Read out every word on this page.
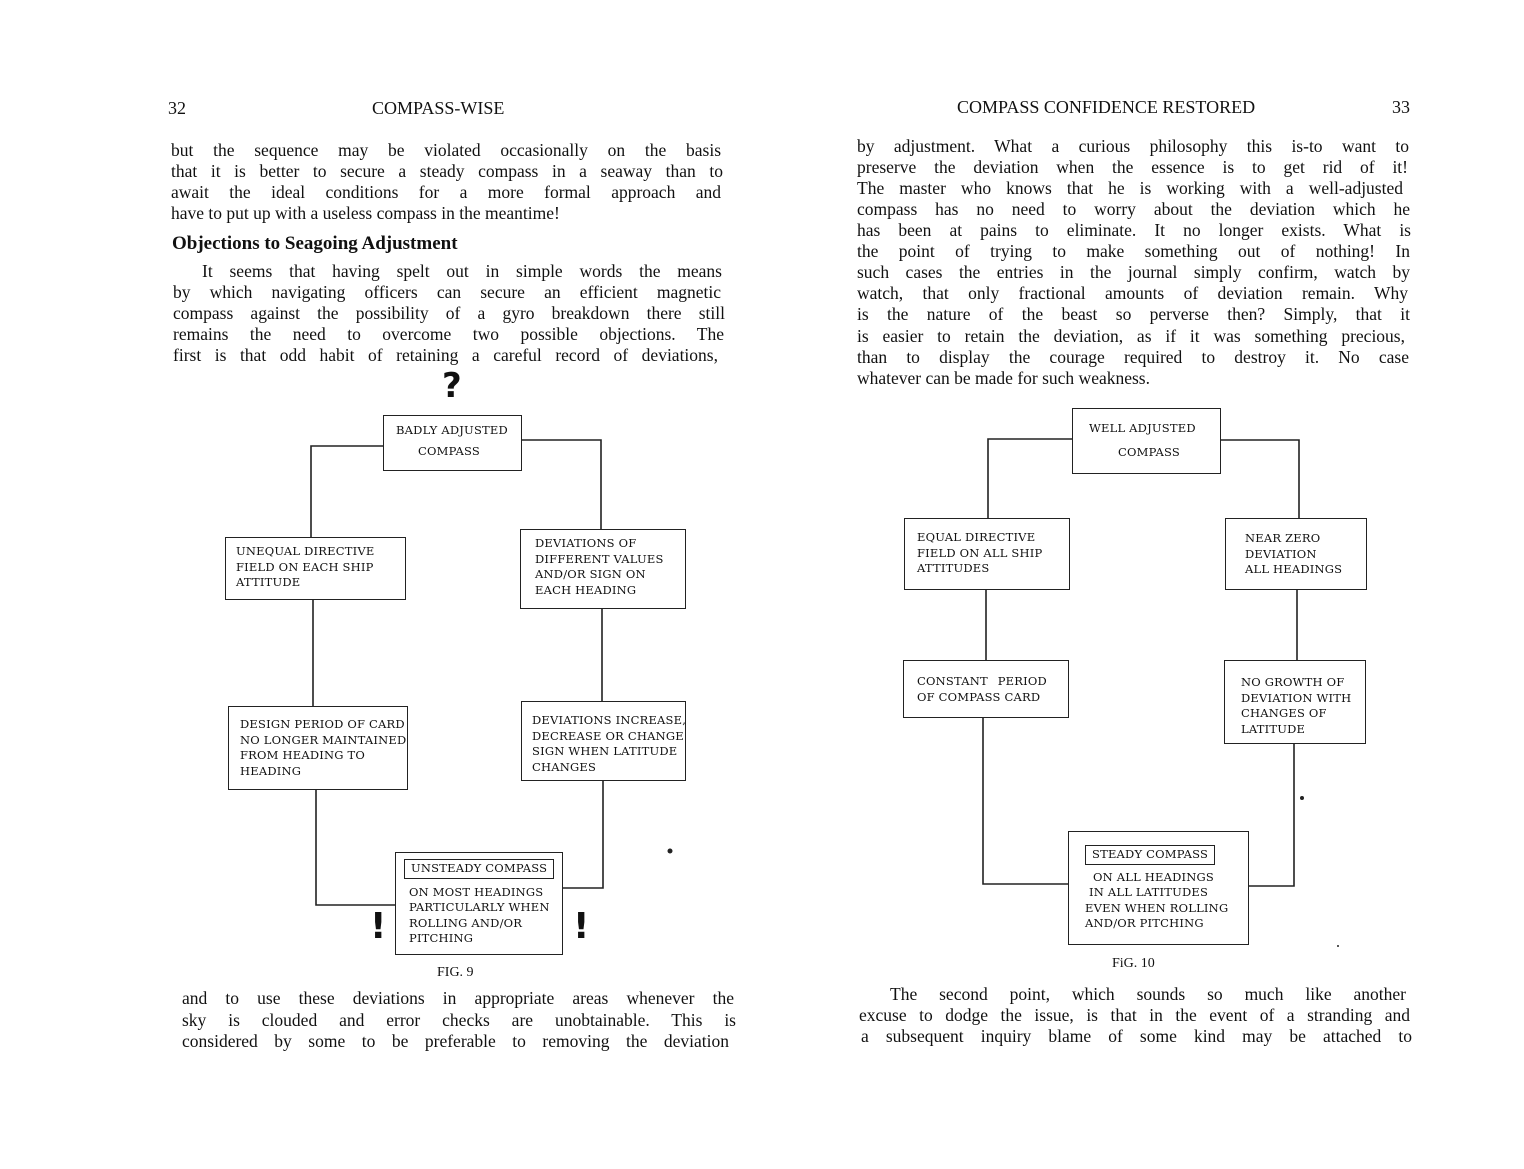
32	COMPASS-WISE
but the sequence may be violated occasionally on the basis
that it is better to secure a steady compass in a seaway than to
await the ideal conditions for a more formal approach and
have to put up with a useless compass in the meantime!
Objections to Seagoing Adjustment
It seems that having spelt out in simple words the means
by which navigating officers can secure an efficient magnetic
compass against the possibility of a gyro breakdown there still
remains the need to overcome two possible objections. The
first is that odd habit of retaining a careful record of deviations,
?
BADLY ADJUSTED
COMPASS
UNEQUAL DIRECTIVE
FIELD ON EACH SHIP
ATTITUDE
DEVIATIONS OF
DIFFERENT VALUES
AND/OR SIGN ON
EACH HEADING
DESIGN PERIOD OF CARD
NO LONGER MAINTAINED
FROM HEADING TO
HEADING
DEVIATIONS INCREASE,
DECREASE OR CHANGE
SIGN WHEN LATITUDE
CHANGES
UNSTEADY COMPASS
ON MOST HEADINGS
PARTICULARLY WHEN
ROLLING AND/OR
PITCHING
!	!
FIG. 9
and to use these deviations in appropriate areas whenever the
sky is clouded and error checks are unobtainable. This is
considered by some to be preferable to removing the deviation
COMPASS CONFIDENCE RESTORED	33
by adjustment. What a curious philosophy this is-to want to
preserve the deviation when the essence is to get rid of it!
The master who knows that he is working with a well-adjusted
compass has no need to worry about the deviation which he
has been at pains to eliminate. It no longer exists. What is
the point of trying to make something out of nothing! In
such cases the entries in the journal simply confirm, watch by
watch, that only fractional amounts of deviation remain. Why
is the nature of the beast so perverse then? Simply, that it
is easier to retain the deviation, as if it was something precious,
than to display the courage required to destroy it. No case
whatever can be made for such weakness.
WELL ADJUSTED
COMPASS
EQUAL DIRECTIVE
FIELD ON ALL SHIP
ATTITUDES
NEAR ZERO
DEVIATION
ALL HEADINGS
CONSTANT PERIOD
OF COMPASS CARD
NO GROWTH OF
DEVIATION WITH
CHANGES OF
LATITUDE
STEADY COMPASS
ON ALL HEADINGS
IN ALL LATITUDES
EVEN WHEN ROLLING
AND/OR PITCHING
FiG. 10
The second point, which sounds so much like another
excuse to dodge the issue, is that in the event of a stranding and
a subsequent inquiry blame of some kind may be attached to
